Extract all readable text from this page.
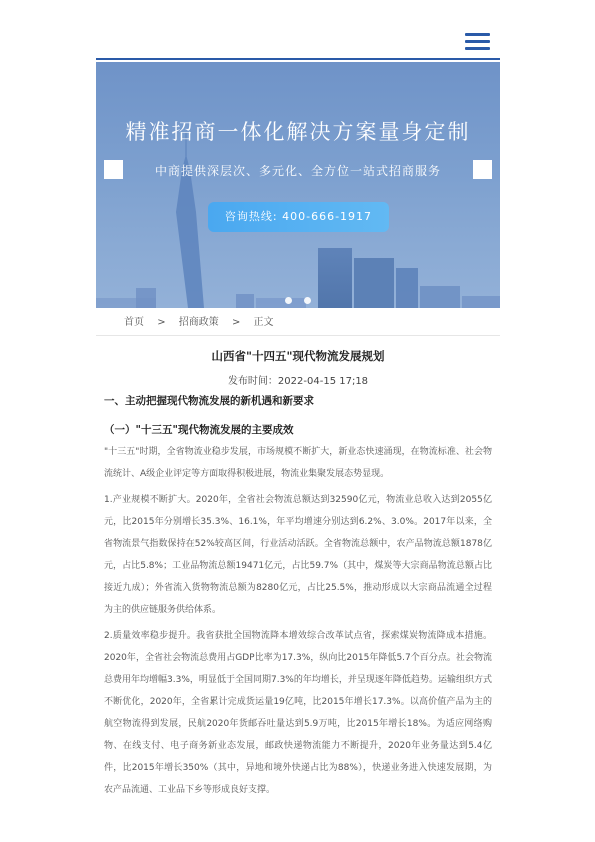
精准招商一体化解决方案量身定制
中商提供深层次、多元化、全方位一站式招商服务
咨询热线: 400-666-1917

首页 > 招商政策 > 正文
山西省"十四五"现代物流发展规划
发布时间：2022-04-15 17;18
一、主动把握现代物流发展的新机遇和新要求
（一）"十三五"现代物流发展的主要成效

"十三五"时期，全省物流业稳步发展，市场规模不断扩大，新业态快速涌现，在物流标准、社会物流统计、A级企业评定等方面取得积极进展，物流业集聚发展态势显现。

1.产业规模不断扩大。2020年，全省社会物流总额达到32590亿元，物流业总收入达到2055亿元，比2015年分别增长35.3%、16.1%，年平均增速分别达到6.2%、3.0%。2017年以来，全省物流景气指数保持在52%较高区间，行业活动活跃。全省物流总额中，农产品物流总额1878亿元，占比5.8%；工业品物流总额19471亿元，占比59.7%（其中，煤炭等大宗商品物流总额占比接近九成）；外省流入货物物流总额为8280亿元，占比25.5%，推动形成以大宗商品流通全过程为主的供应链服务供给体系。

2.质量效率稳步提升。我省获批全国物流降本增效综合改革试点省，探索煤炭物流降成本措施。2020年，全省社会物流总费用占GDP比率为17.3%，纵向比2015年降低5.7个百分点。社会物流总费用年均增幅3.3%，明显低于全国同期7.3%的年均增长，并呈现逐年降低趋势。运输组织方式不断优化，2020年，全省累计完成货运量19亿吨，比2015年增长17.3%。以高价值产品为主的航空物流得到发展，民航2020年货邮吞吐量达到5.9万吨，比2015年增长18%。为适应网络购物、在线支付、电子商务新业态发展，邮政快递物流能力不断提升，2020年业务量达到5.4亿件，比2015年增长350%（其中，异地和境外快递占比为88%），快递业务进入快速发展期，为农产品流通、工业品下乡等形成良好支撑。
